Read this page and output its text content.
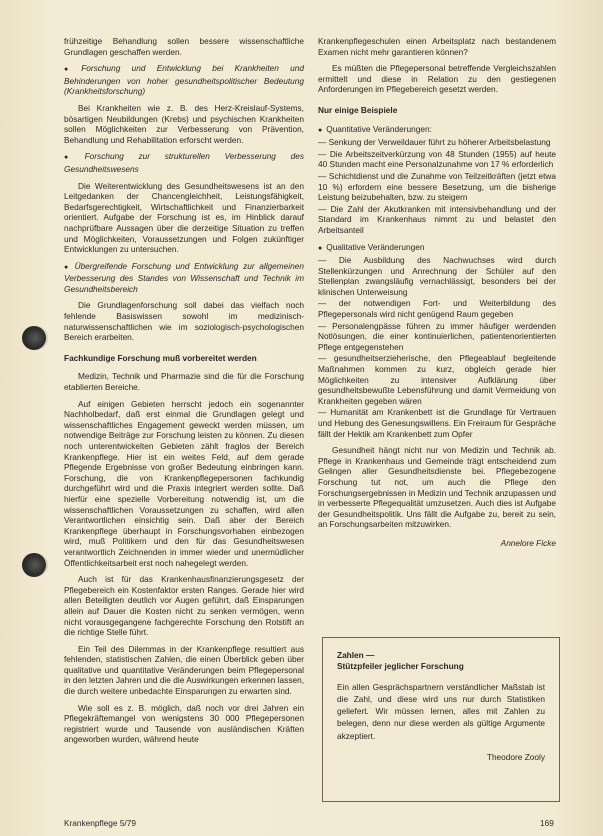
frühzeitige Behandlung sollen bessere wissenschaftliche Grundlagen geschaffen werden.

● Forschung und Entwicklung bei Krankheiten und Behinderungen von hoher gesundheitspolitischer Bedeutung (Krankheitsforschung)

Bei Krankheiten wie z. B. des Herz-Kreislauf-Systems, bösartigen Neubildungen (Krebs) und psychischen Krankheiten sollen Möglichkeiten zur Verbesserung von Prävention, Behandlung und Rehabilitation erforscht werden.

● Forschung zur strukturellen Verbesserung des Gesundheitswesens

Die Weiterentwicklung des Gesundheitswesens ist an den Leitgedanken der Chancengleichheit, Leistungsfähigkeit, Bedarfsgerechtigkeit, Wirtschaftlichkeit und Finanzierbarkeit orientiert. Aufgabe der Forschung ist es, im Hinblick darauf nachprüfbare Aussagen über die derzeitige Situation zu treffen und Möglichkeiten, Voraussetzungen und Folgen zukünftiger Entwicklungen zu untersuchen.

● Übergreifende Forschung und Entwicklung zur allgemeinen Verbesserung des Standes von Wissenschaft und Technik im Gesundheitsbereich

Die Grundlagenforschung soll dabei das vielfach noch fehlende Basiswissen sowohl im medizinisch-naturwissenschaftlichen wie im soziologisch-psychologischen Bereich erarbeiten.

Fachkundige Forschung muß vorbereitet werden

Medizin, Technik und Pharmazie sind die für die Forschung etablierten Bereiche.

Auf einigen Gebieten herrscht jedoch ein sogenannter Nachholbedarf, daß erst einmal die Grundlagen gelegt und wissenschaftliches Engagement geweckt werden müssen, um notwendige Beiträge zur Forschung leisten zu können. Zu diesen noch unterentwickelten Gebieten zählt fraglos der Bereich Krankenpflege. Hier ist ein weites Feld, auf dem gerade Pflegende Ergebnisse von großer Bedeutung einbringen kann. Forschung, die von Krankenpflegepersonen fachkundig durchgeführt wird und die Praxis integriert werden sollte. Daß hierfür eine spezielle Vorbereitung notwendig ist, um die wissenschaftlichen Voraussetzungen zu schaffen, wird allen Verantwortlichen einsichtig sein. Daß aber der Bereich Krankenpflege überhaupt in Forschungsvorhaben einbezogen wird, muß Politikern und den für das Gesundheitswesen verantwortlich Zeichnenden in immer wieder und unermüdlicher Öffentlichkeitsarbeit erst noch nahegelegt werden.

Auch ist für das Krankenhausfinanzierungsgesetz der Pflegebereich ein Kostenfaktor ersten Ranges. Gerade hier wird allen Beteiligten deutlich vor Augen geführt, daß Einsparungen allein auf Dauer die Kosten nicht zu senken vermögen, wenn nicht vorausgegangene fachgerechte Forschung den Rotstift an die richtige Stelle führt.

Ein Teil des Dilemmas in der Krankenpflege resultiert aus fehlenden, statistischen Zahlen, die einen Überblick geben über qualitative und quantitative Veränderungen beim Pflegepersonal in den letzten Jahren und die die Auswirkungen erkennen lassen, die durch weitere unbedachte Einsparungen zu erwarten sind.

Wie soll es z. B. möglich, daß noch vor drei Jahren ein Pflegekräftemangel von wenigstens 30 000 Pflegepersonen registriert wurde und Tausende von ausländischen Kräften angeworben wurden, während heute

Krankenpflegeschulen einen Arbeitsplatz nach bestandenem Examen nicht mehr garantieren können?

Es müßten die Pflegepersonal betreffende Vergleichszahlen ermittelt und diese in Relation zu den gestiegenen Anforderungen im Pflegebereich gesetzt werden.

Nur einige Beispiele

● Quantitative Veränderungen:

— Senkung der Verweildauer führt zu höherer Arbeitsbelastung

— Die Arbeitszeitverkürzung von 48 Stunden (1955) auf heute 40 Stunden macht eine Personalzunahme von 17 % erforderlich

— Schichtdienst und die Zunahme von Teilzeitkräften (jetzt etwa 10 %) erfordern eine bessere Besetzung, um die bisherige Leistung beizubehalten, bzw. zu steigern

— Die Zahl der Akutkranken mit intensivbehandlung und der Standard im Krankenhaus nimmt zu und belastet den Arbeitsanteil

● Qualitative Veränderungen

— Die Ausbildung des Nachwuchses wird durch Stellenkürzungen und Anrechnung der Schüler auf den Stellenplan zwangsläufig vernachlässigt, besonders bei der klinischen Unterweisung

— der notwendigen Fort- und Weiterbildung des Pflegepersonals wird nicht genügend Raum gegeben

— Personalengpässe führen zu immer häufiger werdenden Notlösungen, die einer kontinuierlichen, patientenorientierten Pflege entgegenstehen

— gesundheitserzieherische, den Pflegeablauf begleitende Maßnahmen kommen zu kurz, obgleich gerade hier Möglichkeiten zu intensiver Aufklärung über gesundheitsbewußte Lebensführung und damit Vermeidung von Krankheiten gegeben wären

— Humanität am Krankenbett ist die Grundlage für Vertrauen und Hebung des Genesungswillens. Ein Freiraum für Gespräche fällt der Hektik am Krankenbett zum Opfer

Gesundheit hängt nicht nur von Medizin und Technik ab. Pflege in Krankenhaus und Gemeinde trägt entscheidend zum Gelingen aller Gesundheitsdienste bei. Pflegebezogene Forschung tut not, um auch die Pflege den Forschungsergebnissen in Medizin und Technik anzupassen und in verbesserte Pflegequalität umzusetzen. Auch dies ist Aufgabe der Gesundheitspolitik. Uns fällt die Aufgabe zu, bereit zu sein, an Forschungsarbeiten mitzuwirken.

Annelore Ficke

Zahlen —

Stützpfeiler jeglicher Forschung

Ein allen Gesprächspartnern verständlicher Maßstab ist die Zahl, und diese wird uns nur durch Statistiken geliefert. Wir müssen lernen, alles mit Zahlen zu belegen, denn nur diese werden als gültige Argumente akzeptiert.

Theodore Zooly

Krankenpflege 5/79	169
